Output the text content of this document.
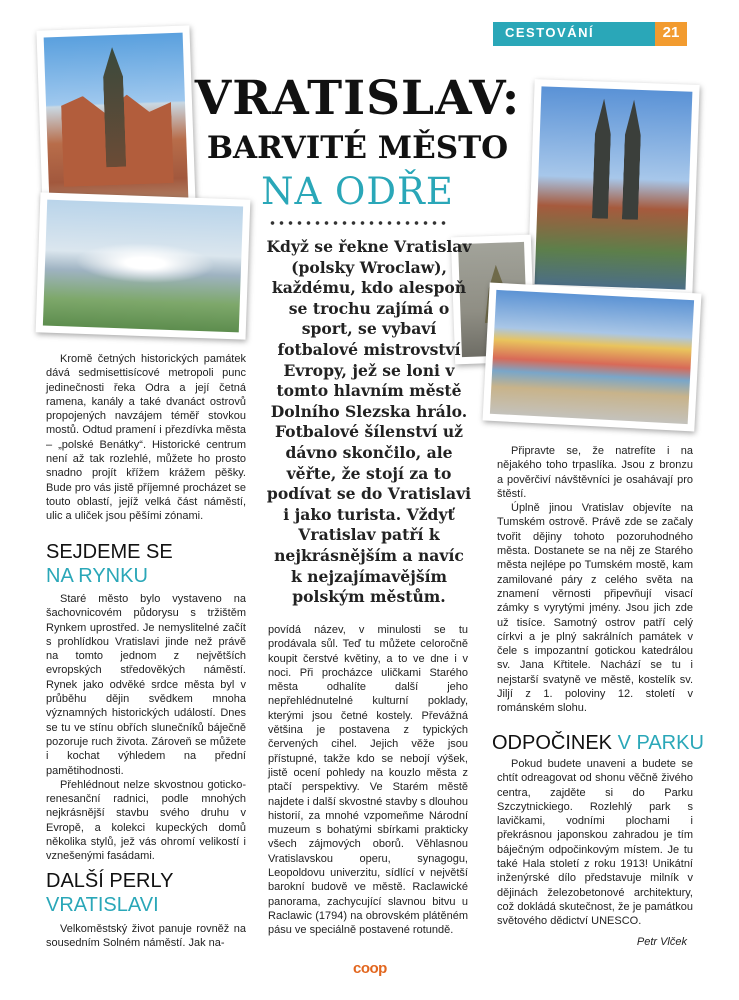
CESTOVÁNÍ	21
VRATISLAV:
BARVITÉ MĚSTO
NA ODŘE
Když se řekne Vratislav (polsky Wroclaw), každému, kdo alespoň se trochu zajímá o sport, se vybaví fotbalové mistrovství Evropy, jež se loni v tomto hlavním městě Dolního Slezska hrálo. Fotbalové šílenství už dávno skončilo, ale věřte, že stojí za to podívat se do Vratislavi i jako turista. Vždyť Vratislav patří k nejkrásnějším a navíc k nejzajímavějším polským městům.

Kromě četných historických památek dává sedmisettisícové metropoli punc jedinečnosti řeka Odra a její četná ramena, kanály a také dvanáct ostrovů propojených navzájem téměř stovkou mostů. Odtud pramení i přezdívka města – „polské Benátky“. Historické centrum není až tak rozlehlé, můžete ho prosto snadno projít křížem krážem pěšky. Bude pro vás jistě příjemné procházet se touto oblastí, jejíž velká část náměstí, ulic a uliček jsou pěšími zónami.

SEJDEME SE
NA RYNKU

Staré město bylo vystaveno na šachovnicovém půdorysu s tržištěm Rynkem uprostřed. Je nemyslitelné začít s prohlídkou Vratislavi jinde než právě na tomto jednom z největších evropských středověkých náměstí. Rynek jako odvěké srdce města byl v průběhu dějin svědkem mnoha významných historických událostí. Dnes se tu ve stínu obřích slunečníků báječně pozoruje ruch života. Zároveň se můžete i kochat výhledem na přední pamětihodnosti.

Přehlédnout nelze skvostnou goticko-renesanční radnici, podle mnohých nejkrásnější stavbu svého druhu v Evropě, a kolekci kupeckých domů několika stylů, jež vás ohromí velikostí i vznešenými fasádami.

DALŠÍ PERLY
VRATISLAVI

Velkoměstský život panuje rovněž na sousedním Solném náměstí. Jak na-

povídá název, v minulosti se tu prodávala sůl. Teď tu můžete celoročně koupit čerstvé květiny, a to ve dne i v noci. Při procházce uličkami Starého města odhalíte další jeho nepřehlédnutelné kulturní poklady, kterými jsou četné kostely. Převážná většina je postavena z typických červených cihel. Jejich věže jsou přístupné, takže kdo se nebojí výšek, jistě ocení pohledy na kouzlo města z ptačí perspektivy. Ve Starém městě najdete i další skvostné stavby s dlouhou historií, za mnohé vzpomeňme Národní muzeum s bohatými sbírkami prakticky všech zájmových oborů. Věhlasnou Vratislavskou operu, synagogu, Leopoldovu univerzitu, sídlící v největší barokní budově ve městě. Raclawické panorama, zachycující slavnou bitvu u Raclawic (1794) na obrovském plátěném pásu ve speciálně postavené rotundě.

Připravte se, že natrefíte i na nějakého toho trpaslíka. Jsou z bronzu a pověrčiví návštěvníci je osahávají pro štěstí.

Úplně jinou Vratislav objevíte na Tumském ostrově. Právě zde se začaly tvořit dějiny tohoto pozoruhodného města. Dostanete se na něj ze Starého města nejlépe po Tumském mostě, kam zamilované páry z celého světa na znamení věrnosti připevňují visací zámky s vyrytými jmény. Jsou jich zde už tisíce. Samotný ostrov patří celý církvi a je plný sakrálních památek v čele s impozantní gotickou katedrálou sv. Jana Křtitele. Nachází se tu i nejstarší svatyně ve městě, kostelík sv. Jiljí z 1. poloviny 12. století v románském slohu.

ODPOČINEK V PARKU

Pokud budete unaveni a budete se chtít odreagovat od shonu věčně živého centra, zajděte si do Parku Szczytnickiego. Rozlehlý park s lavičkami, vodními plochami i překrásnou japonskou zahradou je tím báječným odpočinkovým místem. Je tu také Hala století z roku 1913! Unikátní inženýrské dílo představuje milník v dějinách železobetonové architektury, což dokládá skutečnost, že je památkou světového dědictví UNESCO.

Petr Vlček
coop
